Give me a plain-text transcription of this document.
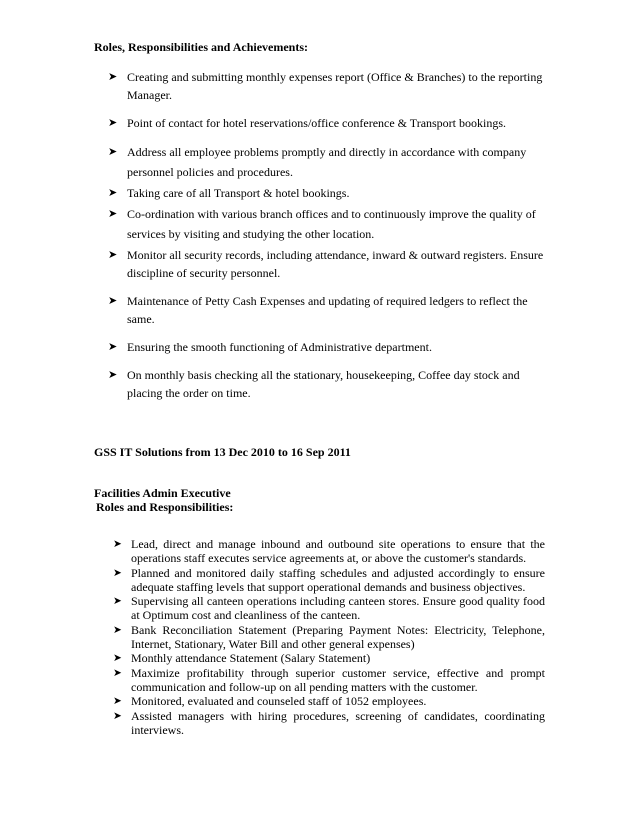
Roles, Responsibilities and Achievements:
➤ Creating and submitting monthly expenses report (Office & Branches) to the reporting Manager.
➤ Point of contact for hotel reservations/office conference & Transport bookings.
➤ Address all employee problems promptly and directly in accordance with company personnel policies and procedures.
➤ Taking care of all Transport & hotel bookings.
➤ Co-ordination with various branch offices and to continuously improve the quality of services by visiting and studying the other location.
➤ Monitor all security records, including attendance, inward & outward registers. Ensure discipline of security personnel.
➤ Maintenance of Petty Cash Expenses and updating of required ledgers to reflect the same.
➤ Ensuring the smooth functioning of Administrative department.
➤ On monthly basis checking all the stationary, housekeeping, Coffee day stock and placing the order on time.
GSS IT Solutions from 13 Dec 2010 to 16 Sep 2011
Facilities Admin Executive
Roles and Responsibilities:
➤ Lead, direct and manage inbound and outbound site operations to ensure that the operations staff executes service agreements at, or above the customer's standards.
➤ Planned and monitored daily staffing schedules and adjusted accordingly to ensure adequate staffing levels that support operational demands and business objectives.
➤ Supervising all canteen operations including canteen stores. Ensure good quality food at Optimum cost and cleanliness of the canteen.
➤ Bank Reconciliation Statement (Preparing Payment Notes: Electricity, Telephone, Internet, Stationary, Water Bill and other general expenses)
➤ Monthly attendance Statement (Salary Statement)
➤ Maximize profitability through superior customer service, effective and prompt communication and follow-up on all pending matters with the customer.
➤ Monitored, evaluated and counseled staff of 1052 employees.
➤ Assisted managers with hiring procedures, screening of candidates, coordinating interviews.
